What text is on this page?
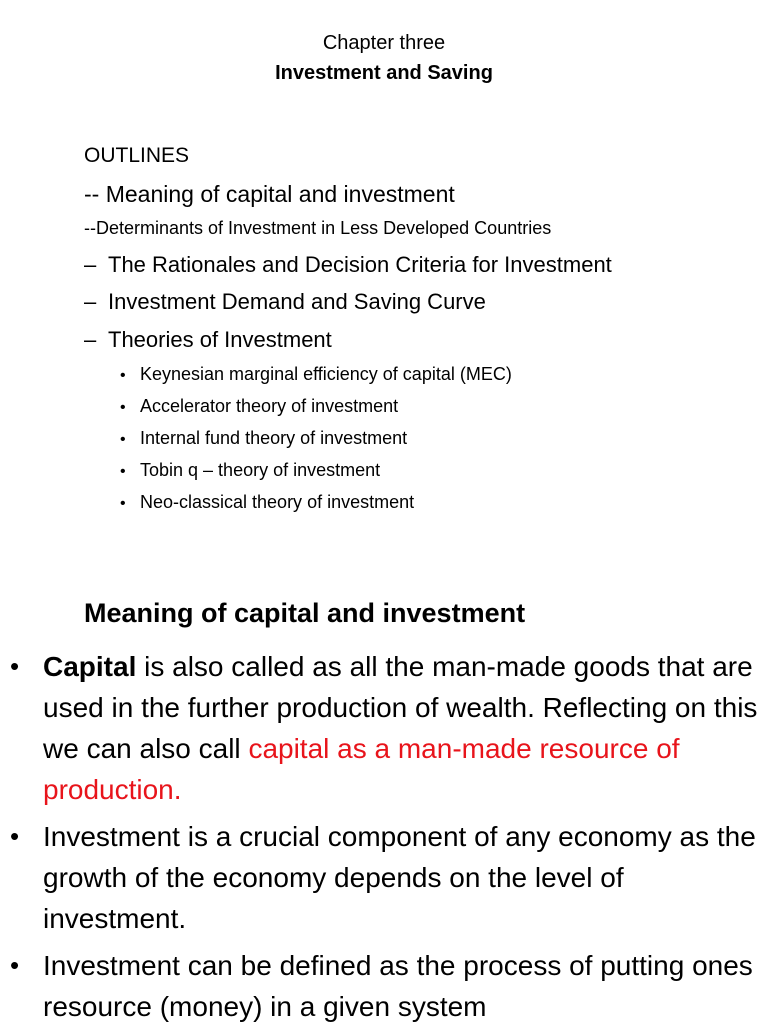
Chapter three
Investment and Saving
OUTLINES
-- Meaning of capital and investment
--Determinants of Investment in Less Developed Countries
– The Rationales and Decision Criteria for Investment
– Investment Demand and Saving Curve
– Theories of Investment
• Keynesian marginal efficiency of capital (MEC)
• Accelerator theory of investment
• Internal fund theory of investment
• Tobin q – theory of investment
• Neo-classical theory of investment
Meaning of capital and investment
• Capital is also called as all the man-made goods that are used in the further production of wealth. Reflecting on this we can also call capital as a man-made resource of production.
• Investment is a crucial component of any economy as the growth of the economy depends on the level of investment.
• Investment can be defined as the process of putting ones resource (money) in a given system
